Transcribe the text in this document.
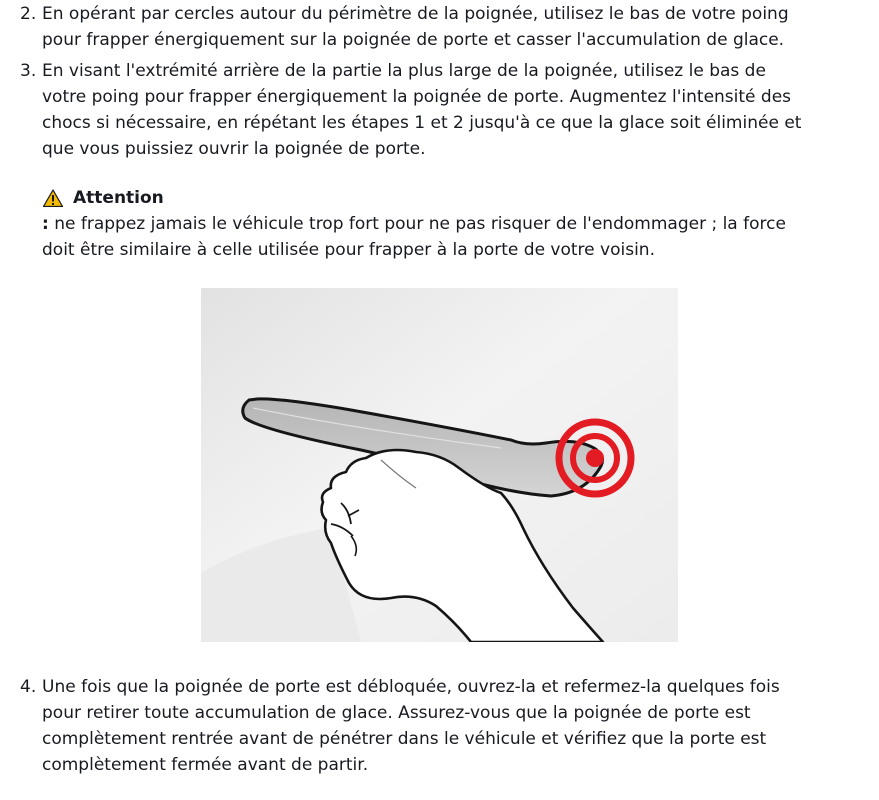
2. En opérant par cercles autour du périmètre de la poignée, utilisez le bas de votre poing
pour frapper énergiquement sur la poignée de porte et casser l'accumulation de glace.
3. En visant l'extrémité arrière de la partie la plus large de la poignée, utilisez le bas de
votre poing pour frapper énergiquement la poignée de porte. Augmentez l'intensité des
chocs si nécessaire, en répétant les étapes 1 et 2 jusqu'à ce que la glace soit éliminée et
que vous puissiez ouvrir la poignée de porte.
4. Une fois que la poignée de porte est débloquée, ouvrez-la et refermez-la quelques fois
pour retirer toute accumulation de glace. Assurez-vous que la poignée de porte est
complètement rentrée avant de pénétrer dans le véhicule et vérifiez que la porte est
complètement fermée avant de partir.
Attention

: ne frappez jamais le véhicule trop fort pour ne pas risquer de l'endommager ; la force
doit être similaire à celle utilisée pour frapper à la porte de votre voisin.
